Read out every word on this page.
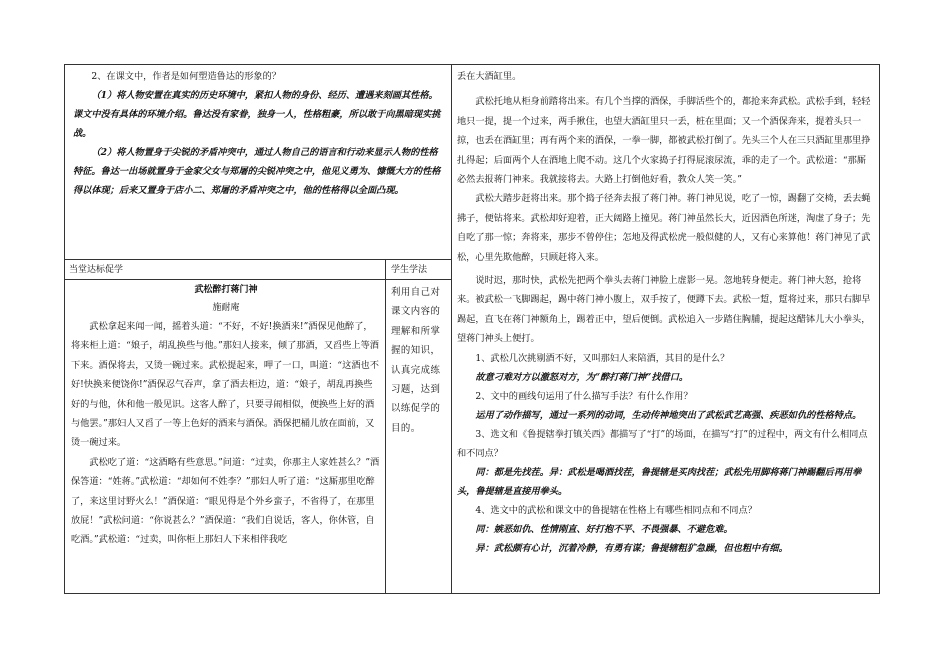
2、在课文中，作者是如何塑造鲁达的形象的？

（1）将人物安置在真实的历史环境中，紧扣人物的身份、经历、遭遇来刻画其性格。课文中没有具体的环境介绍。鲁达没有家眷，独身一人，性格粗豪，所以敢于向黑暗现实挑战。

（2）将人物置身于尖锐的矛盾冲突中，通过人物自己的语言和行动来显示人物的性格特征。鲁达一出场就置身于金家父女与郑屠的尖锐冲突之中，他见义勇为、慷慨大方的性格得以体现；后来又置身于店小二、郑屠的矛盾冲突之中，他的性格得以全面凸现。

当堂达标促学	学生学法

武松醉打蒋门神

施耐庵

武松拿起来闻一闻，摇着头道：“不好，不好!换酒来!”酒保见他醉了，将来柜上道：“娘子，胡乱换些与他。”那妇人接来，倾了那酒，又舀些上等酒下来。酒保将去，又烫一碗过来。武松提起来，呷了一口，叫道：“这酒也不好!快换来便饶你!”酒保忍气吞声，拿了酒去柜边，道：“娘子，胡乱再换些好的与他，休和他一般见识。这客人醉了，只要寻闹相似，便换些上好的酒与他罢。”那妇人又舀了一等上色好的酒来与酒保。酒保把桶儿放在面前，又烫一碗过来。

武松吃了道：“这酒略有些意思。”问道：“过卖，你那主人家姓甚么？”酒保答道：“姓蒋。”武松道：“却如何不姓李？”那妇人听了道：“这厮那里吃醉了，来这里讨野火么！”酒保道：“眼见得是个外乡蛮子，不省得了，在那里放屁！”武松问道：“你说甚么？”酒保道：“我们自说话，客人，你休管，自吃酒。”武松道：“过卖，叫你柜上那妇人下来相伴我吃

利用自己对课文内容的理解和所掌握的知识，认真完成练习题，达到以练促学的目的。

丢在大酒缸里。

武松托地从柜身前踏将出来。有几个当撑的酒保，手脚活些个的，都抢来奔武松。武松手到，轻轻地只一提，提一个过来，两手揪住，也望大酒缸里只一丢，桩在里面；又一个酒保奔来，提着头只一掠，也丢在酒缸里；再有两个来的酒保，一拳一脚，都被武松打倒了。先头三个人在三只酒缸里那里挣扎得起；后面两个人在酒地上爬不动。这几个火家捣子打得屁滚尿流，乖的走了一个。武松道：“那厮必然去报蒋门神来。我就接将去。大路上打倒他好看，教众人笑一笑。”

武松大踏步赶将出来。那个捣子径奔去报了蒋门神。蒋门神见说，吃了一惊，踢翻了交椅，丢去蝇拂子，便钻将来。武松却好迎着，正大阔路上撞见。蒋门神虽然长大，近因酒色所迷，淘虚了身子；先自吃了那一惊；奔将来，那步不曾停住；怎地及得武松虎一般似健的人，又有心来算他！蒋门神见了武松，心里先欺他醉，只顾赶将入来。

说时迟，那时快，武松先把两个拳头去蒋门神脸上虚影一晃。忽地转身便走。蒋门神大怒，抢将来。被武松一飞脚踢起，踢中蒋门神小腹上，双手按了，便蹲下去。武松一踅，踅将过来，那只右脚早踢起，直飞在蒋门神额角上，踢着正中，望后便倒。武松追入一步踏住胸脯，提起这醋钵儿大小拳头，望蒋门神头上便打。

1、武松几次挑剔酒不好，又叫那妇人来陪酒，其目的是什么？

故意刁难对方以激怒对方，为“醉打蒋门神”找借口。

2、文中的画线句运用了什么描写手法？有什么作用？

运用了动作描写，通过一系列的动词，生动传神地突出了武松武艺高强、疾恶如仇的性格特点。

3、选文和《鲁提辖拳打镇关西》都描写了“打”的场面，在描写“打”的过程中，两文有什么相同点和不同点？

同：都是先找茬。异：武松是喝酒找茬，鲁提辖是买肉找茬；武松先用脚将蒋门神踢翻后再用拳头，鲁提辖是直接用拳头。

4、选文中的武松和课文中的鲁提辖在性格上有哪些相同点和不同点？

同：嫉恶如仇、性情刚直、好打抱不平、不畏强暴、不避危难。

异：武松颇有心计，沉着冷静，有勇有谋；鲁提辖粗犷急躁，但也粗中有细。
